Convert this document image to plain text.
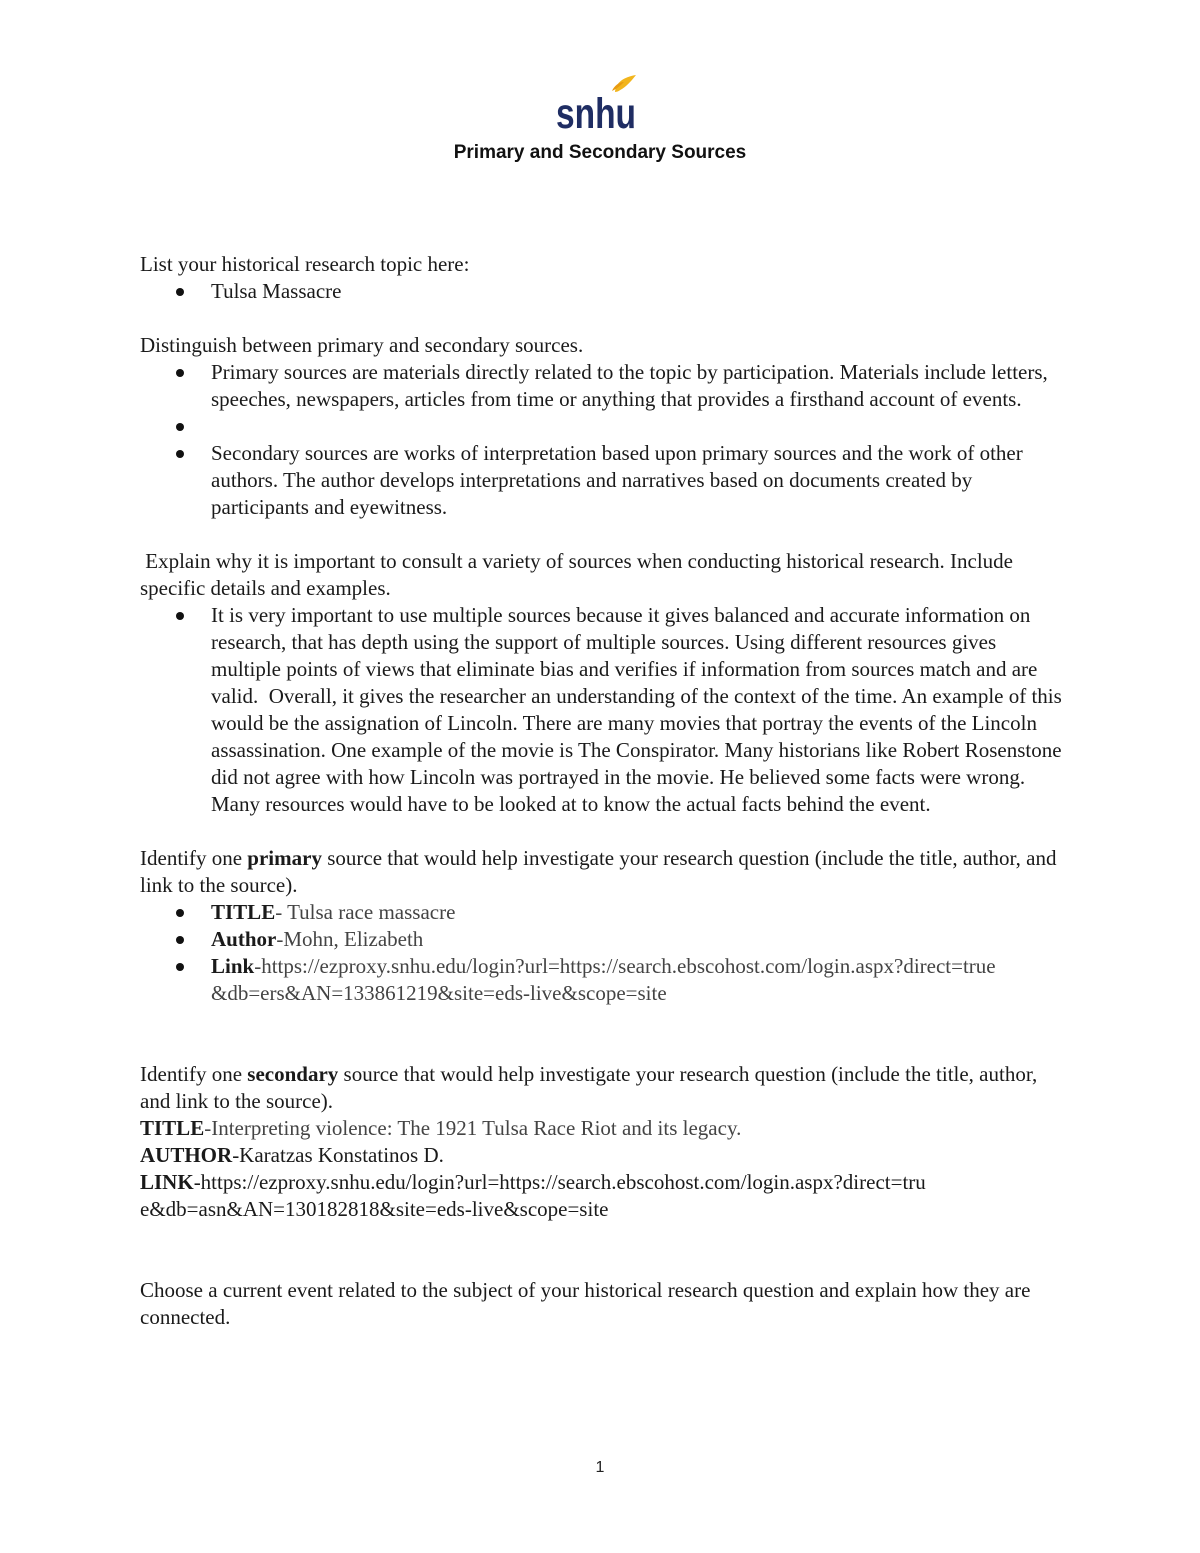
snhu
Primary and Secondary Sources

List your historical research topic here:

Tulsa Massacre

Distinguish between primary and secondary sources.

Primary sources are materials directly related to the topic by participation. Materials include letters, speeches, newspapers, articles from time or anything that provides a firsthand account of events.
Secondary sources are works of interpretation based upon primary sources and the work of other authors. The author develops interpretations and narratives based on documents created by participants and eyewitness.

Explain why it is important to consult a variety of sources when conducting historical research. Include specific details and examples.

It is very important to use multiple sources because it gives balanced and accurate information on research, that has depth using the support of multiple sources. Using different resources gives multiple points of views that eliminate bias and verifies if information from sources match and are valid.  Overall, it gives the researcher an understanding of the context of the time. An example of this would be the assignation of Lincoln. There are many movies that portray the events of the Lincoln assassination. One example of the movie is The Conspirator. Many historians like Robert Rosenstone did not agree with how Lincoln was portrayed in the movie. He believed some facts were wrong. Many resources would have to be looked at to know the actual facts behind the event.

Identify one primary source that would help investigate your research question (include the title, author, and link to the source).

TITLE- Tulsa race massacre
Author-Mohn, Elizabeth
Link-https://ezproxy.snhu.edu/login?url=https://search.ebscohost.com/login.aspx?direct=true&db=ers&AN=133861219&site=eds-live&scope=site

Identify one secondary source that would help investigate your research question (include the title, author, and link to the source).

TITLE-Interpreting violence: The 1921 Tulsa Race Riot and its legacy.

AUTHOR-Karatzas Konstatinos D.

LINK-https://ezproxy.snhu.edu/login?url=https://search.ebscohost.com/login.aspx?direct=true&db=asn&AN=130182818&site=eds-live&scope=site

Choose a current event related to the subject of your historical research question and explain how they are connected.

1
